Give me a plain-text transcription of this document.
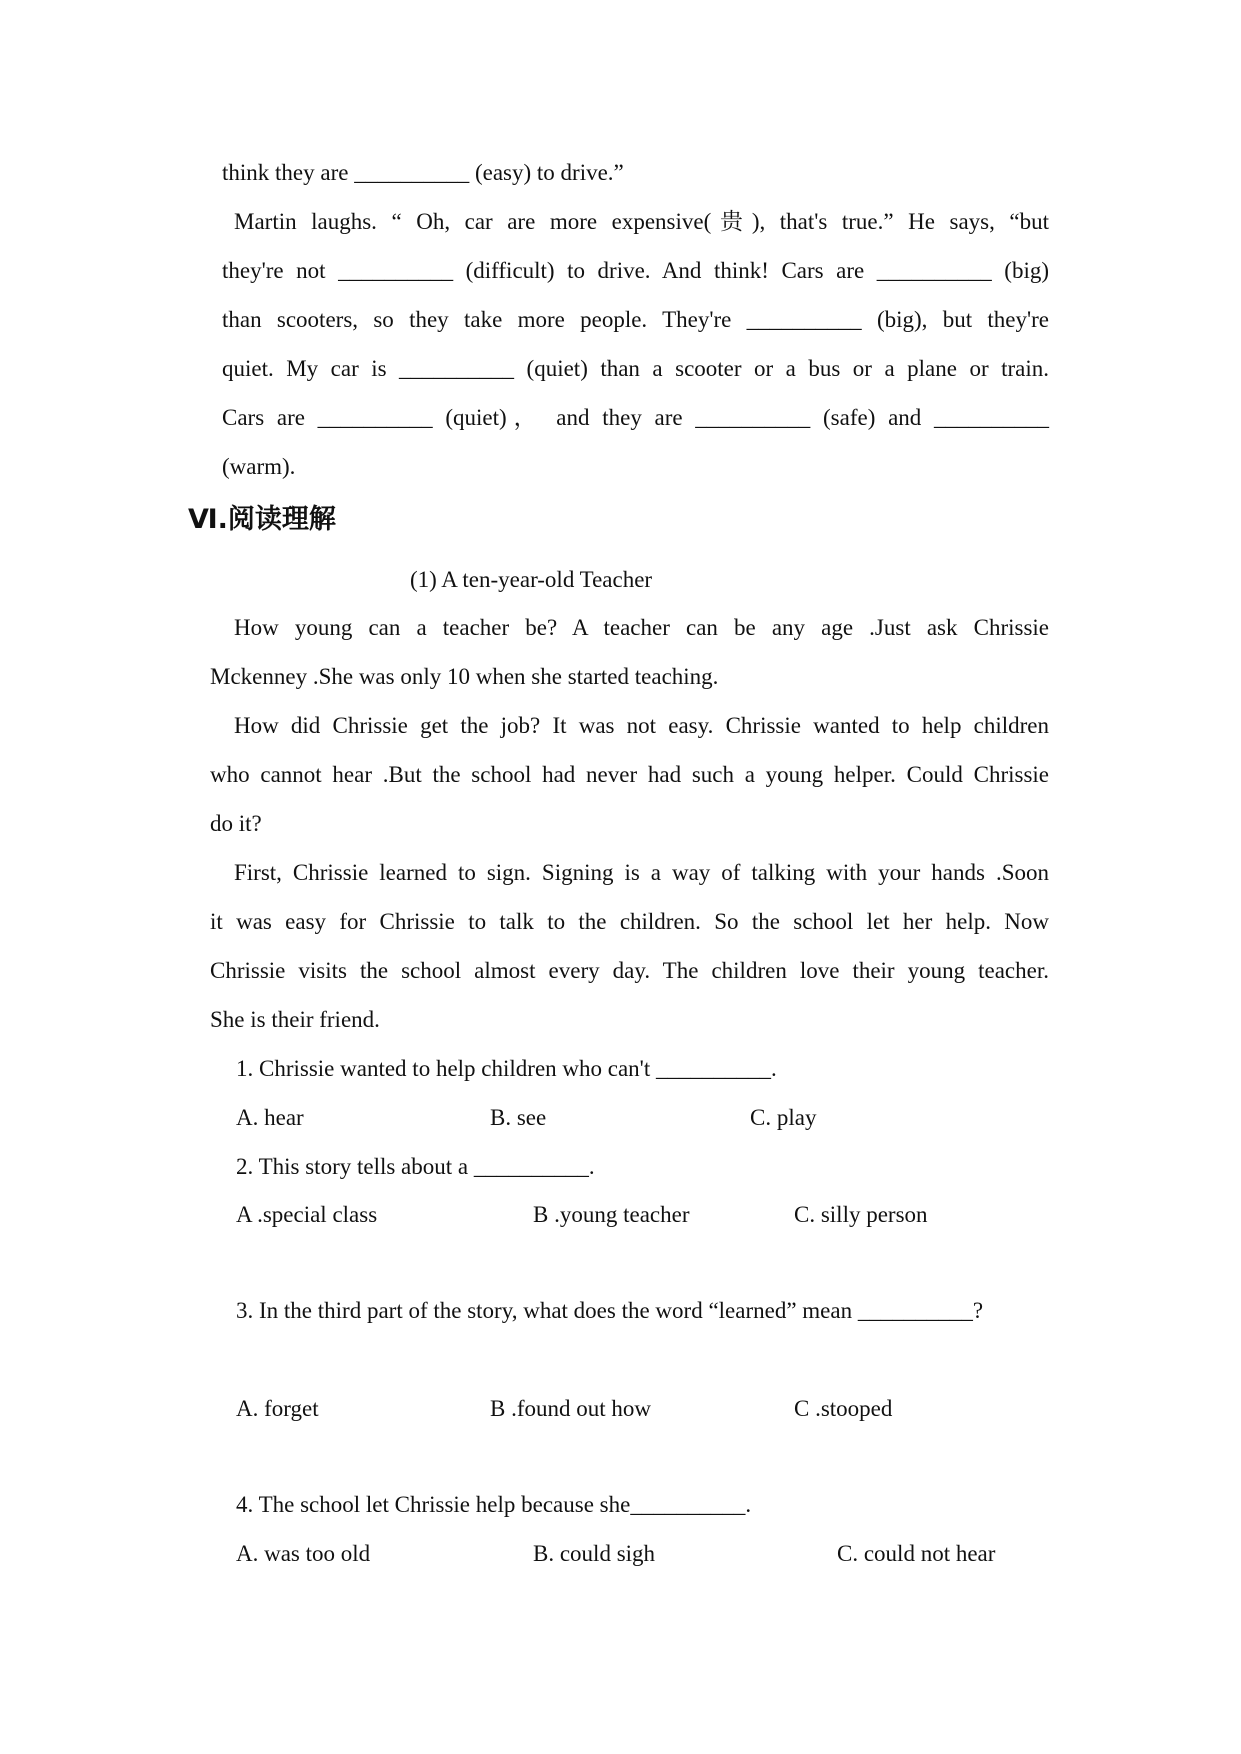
think they are __________ (easy) to drive.”
Martin laughs. “ Oh, car are more expensive(贵), that's true.” He says, “but
they're not __________ (difficult) to drive. And think! Cars are __________ (big)
than scooters, so they take more people. They're __________ (big), but they're
quiet. My car is __________ (quiet) than a scooter or a bus or a plane or train.
Cars are __________ (quiet)， and they are __________ (safe) and __________
(warm).
Ⅵ.阅读理解
(1) A ten-year-old Teacher
How young can a teacher be? A teacher can be any age .Just ask Chrissie
Mckenney .She was only 10 when she started teaching.
How did Chrissie get the job? It was not easy. Chrissie wanted to help children
who cannot hear .But the school had never had such a young helper. Could Chrissie
do it?
First, Chrissie learned to sign. Signing is a way of talking with your hands .Soon
it was easy for Chrissie to talk to the children. So the school let her help. Now
Chrissie visits the school almost every day. The children love their young teacher.
She is their friend.
1. Chrissie wanted to help children who can't __________.
A. hear	B. see	C. play
2. This story tells about a __________.
A .special class	B .young teacher	C. silly person
3. In the third part of the story, what does the word “learned” mean __________?
A. forget	B .found out how	C .stooped
4. The school let Chrissie help because she__________.
A. was too old	B. could sigh	C. could not hear
